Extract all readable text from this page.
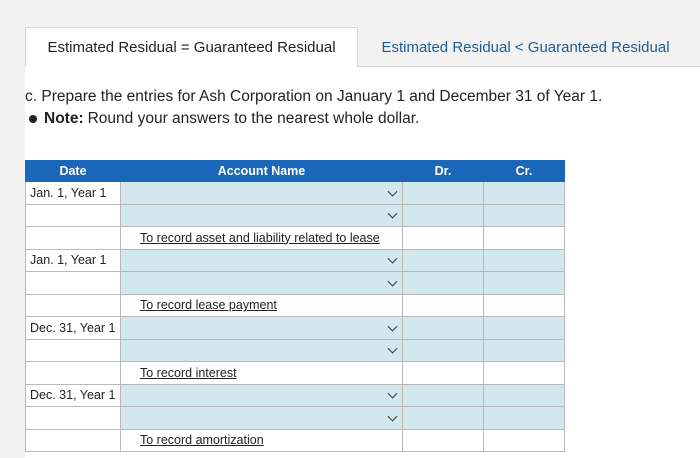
Estimated Residual = Guaranteed Residual	Estimated Residual < Guaranteed Residual
c. Prepare the entries for Ash Corporation on January 1 and December 31 of Year 1.
Note: Round your answers to the nearest whole dollar.
Date	Account Name	Dr.	Cr.
Jan. 1, Year 1	

	To record asset and liability related to lease		

Jan. 1, Year 1	

	To record lease payment		

Dec. 31, Year 1	

	To record interest		

Dec. 31, Year 1	

	To record amortization		
